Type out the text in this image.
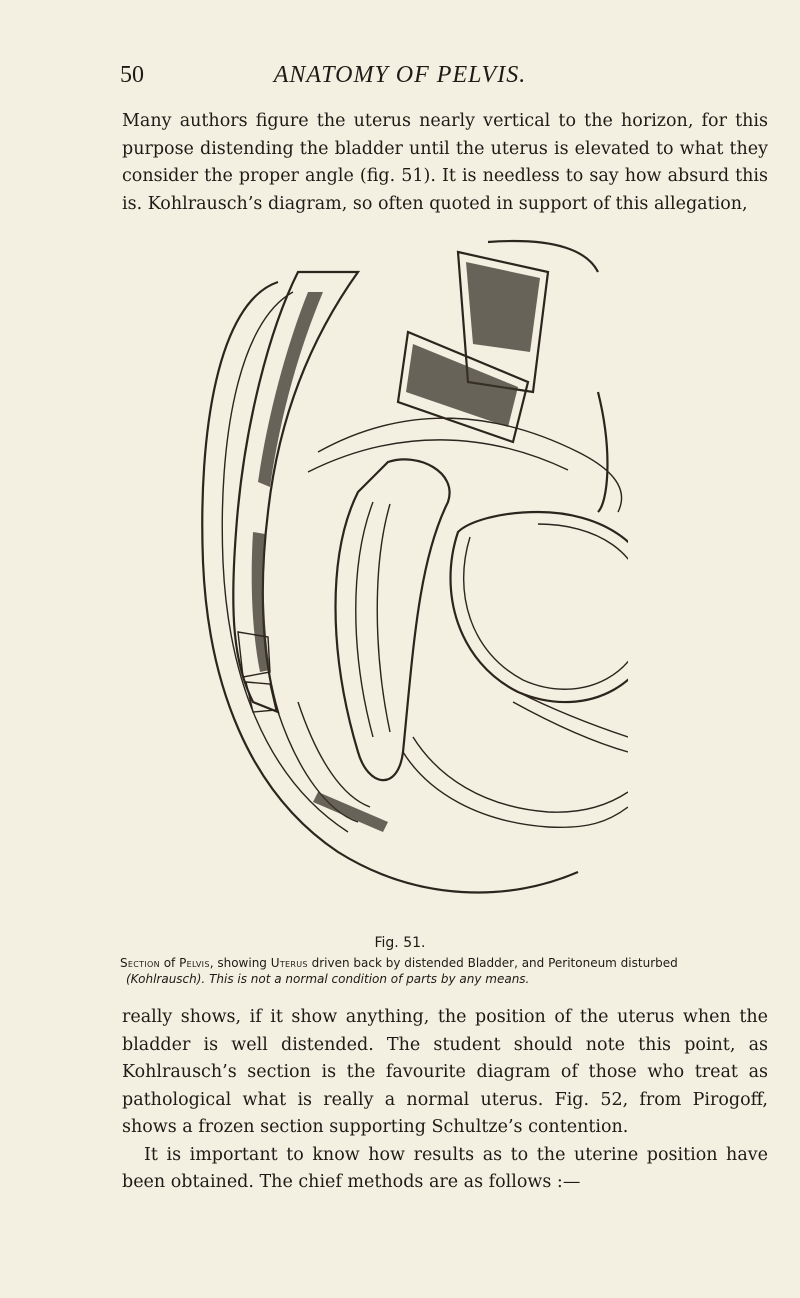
50	ANATOMY OF PELVIS.

Many authors figure the uterus nearly vertical to the horizon, for this purpose distending the bladder until the uterus is elevated to what they consider the proper angle (fig. 51). It is needless to say how absurd this is. Kohlrausch’s diagram, so often quoted in support of this allegation,

Fig. 51.
Section of Pelvis, showing Uterus driven back by distended Bladder, and Peritoneum disturbed
(Kohlrausch). This is not a normal condition of parts by any means.

really shows, if it show anything, the position of the uterus when the bladder is well distended. The student should note this point, as Kohlrausch’s section is the favourite diagram of those who treat as pathological what is really a normal uterus. Fig. 52, from Pirogoff, shows a frozen section supporting Schultze’s contention.

It is important to know how results as to the uterine position have been obtained. The chief methods are as follows :—
